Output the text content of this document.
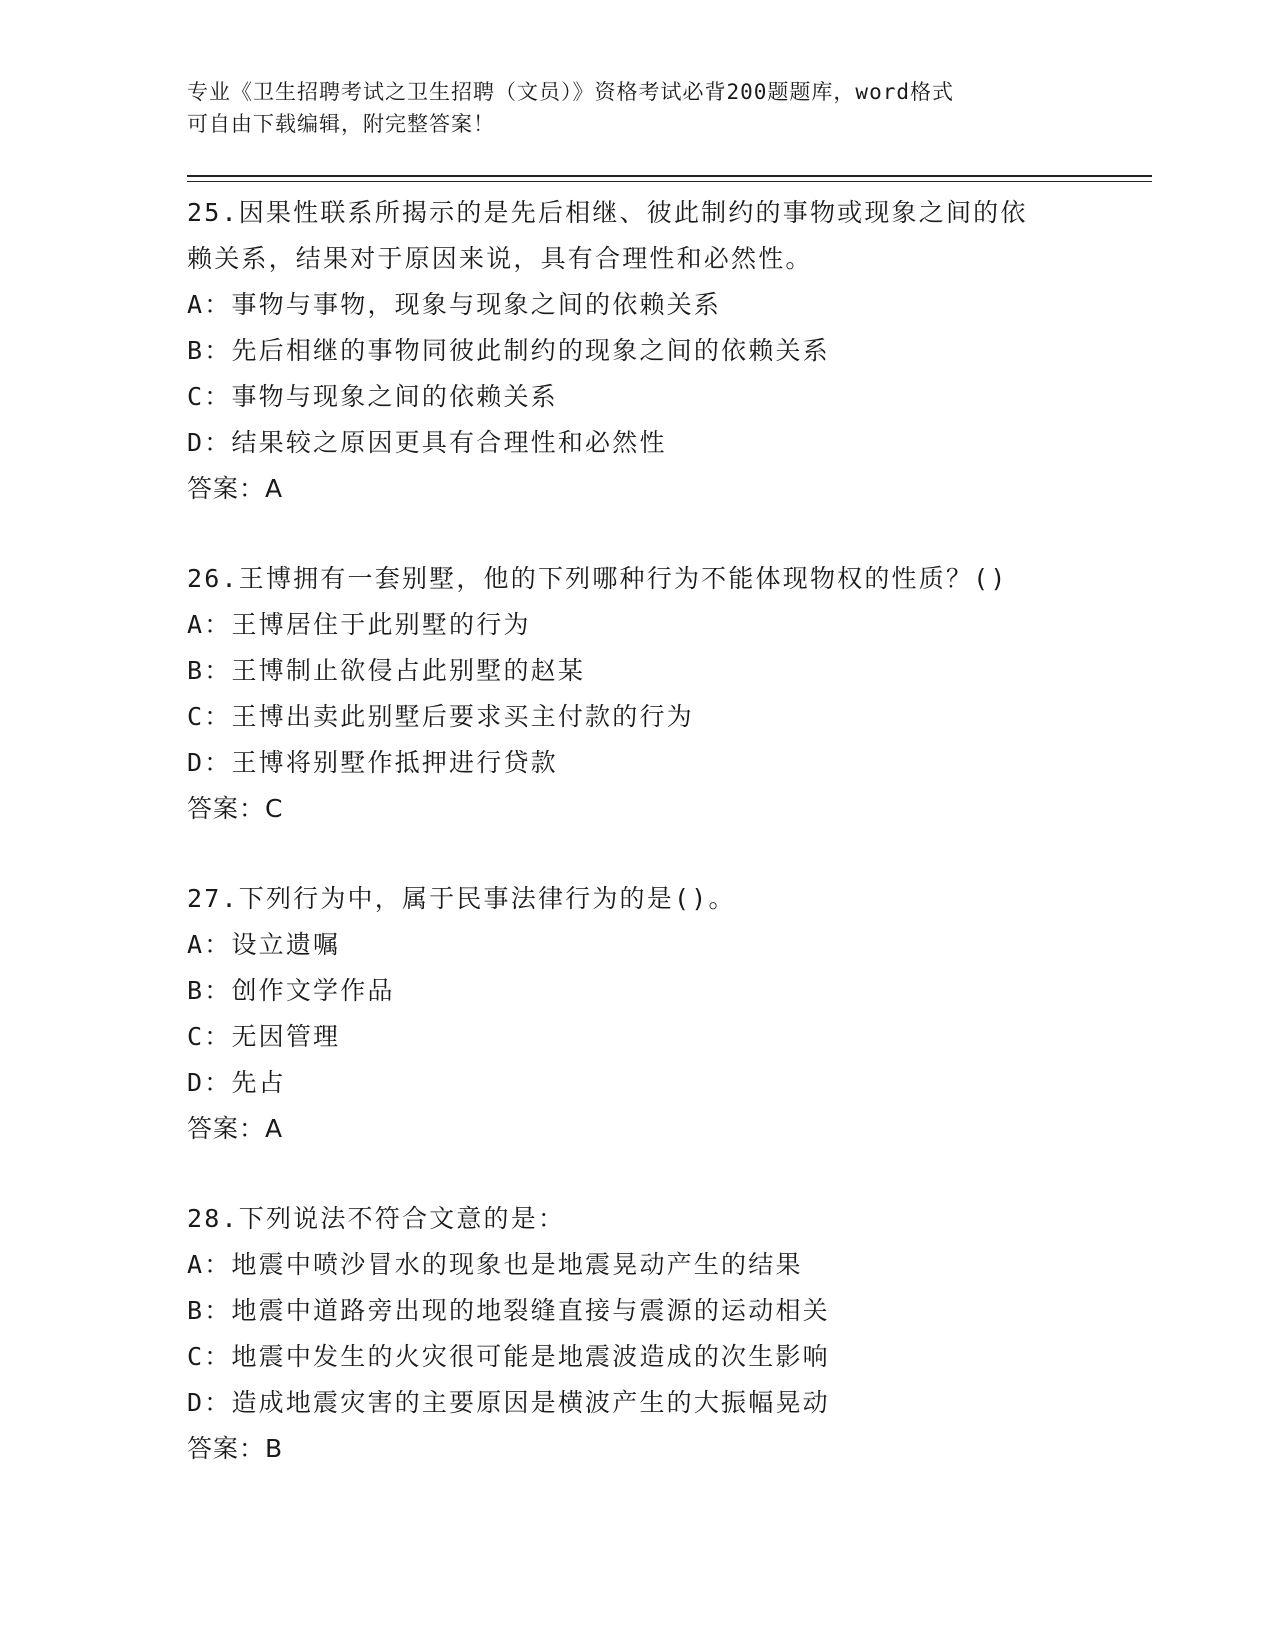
专业《卫生招聘考试之卫生招聘（文员）》资格考试必背200题题库，word格式
可自由下载编辑，附完整答案！
25.因果性联系所揭示的是先后相继、彼此制约的事物或现象之间的依
赖关系，结果对于原因来说，具有合理性和必然性。
A：事物与事物，现象与现象之间的依赖关系
B：先后相继的事物同彼此制约的现象之间的依赖关系
C：事物与现象之间的依赖关系
D：结果较之原因更具有合理性和必然性
答案：A
26.王博拥有一套别墅，他的下列哪种行为不能体现物权的性质？()
A：王博居住于此别墅的行为
B：王博制止欲侵占此别墅的赵某
C：王博出卖此别墅后要求买主付款的行为
D：王博将别墅作抵押进行贷款
答案：C
27.下列行为中，属于民事法律行为的是()。
A：设立遗嘱
B：创作文学作品
C：无因管理
D：先占
答案：A
28.下列说法不符合文意的是：
A：地震中喷沙冒水的现象也是地震晃动产生的结果
B：地震中道路旁出现的地裂缝直接与震源的运动相关
C：地震中发生的火灾很可能是地震波造成的次生影响
D：造成地震灾害的主要原因是横波产生的大振幅晃动
答案：B
